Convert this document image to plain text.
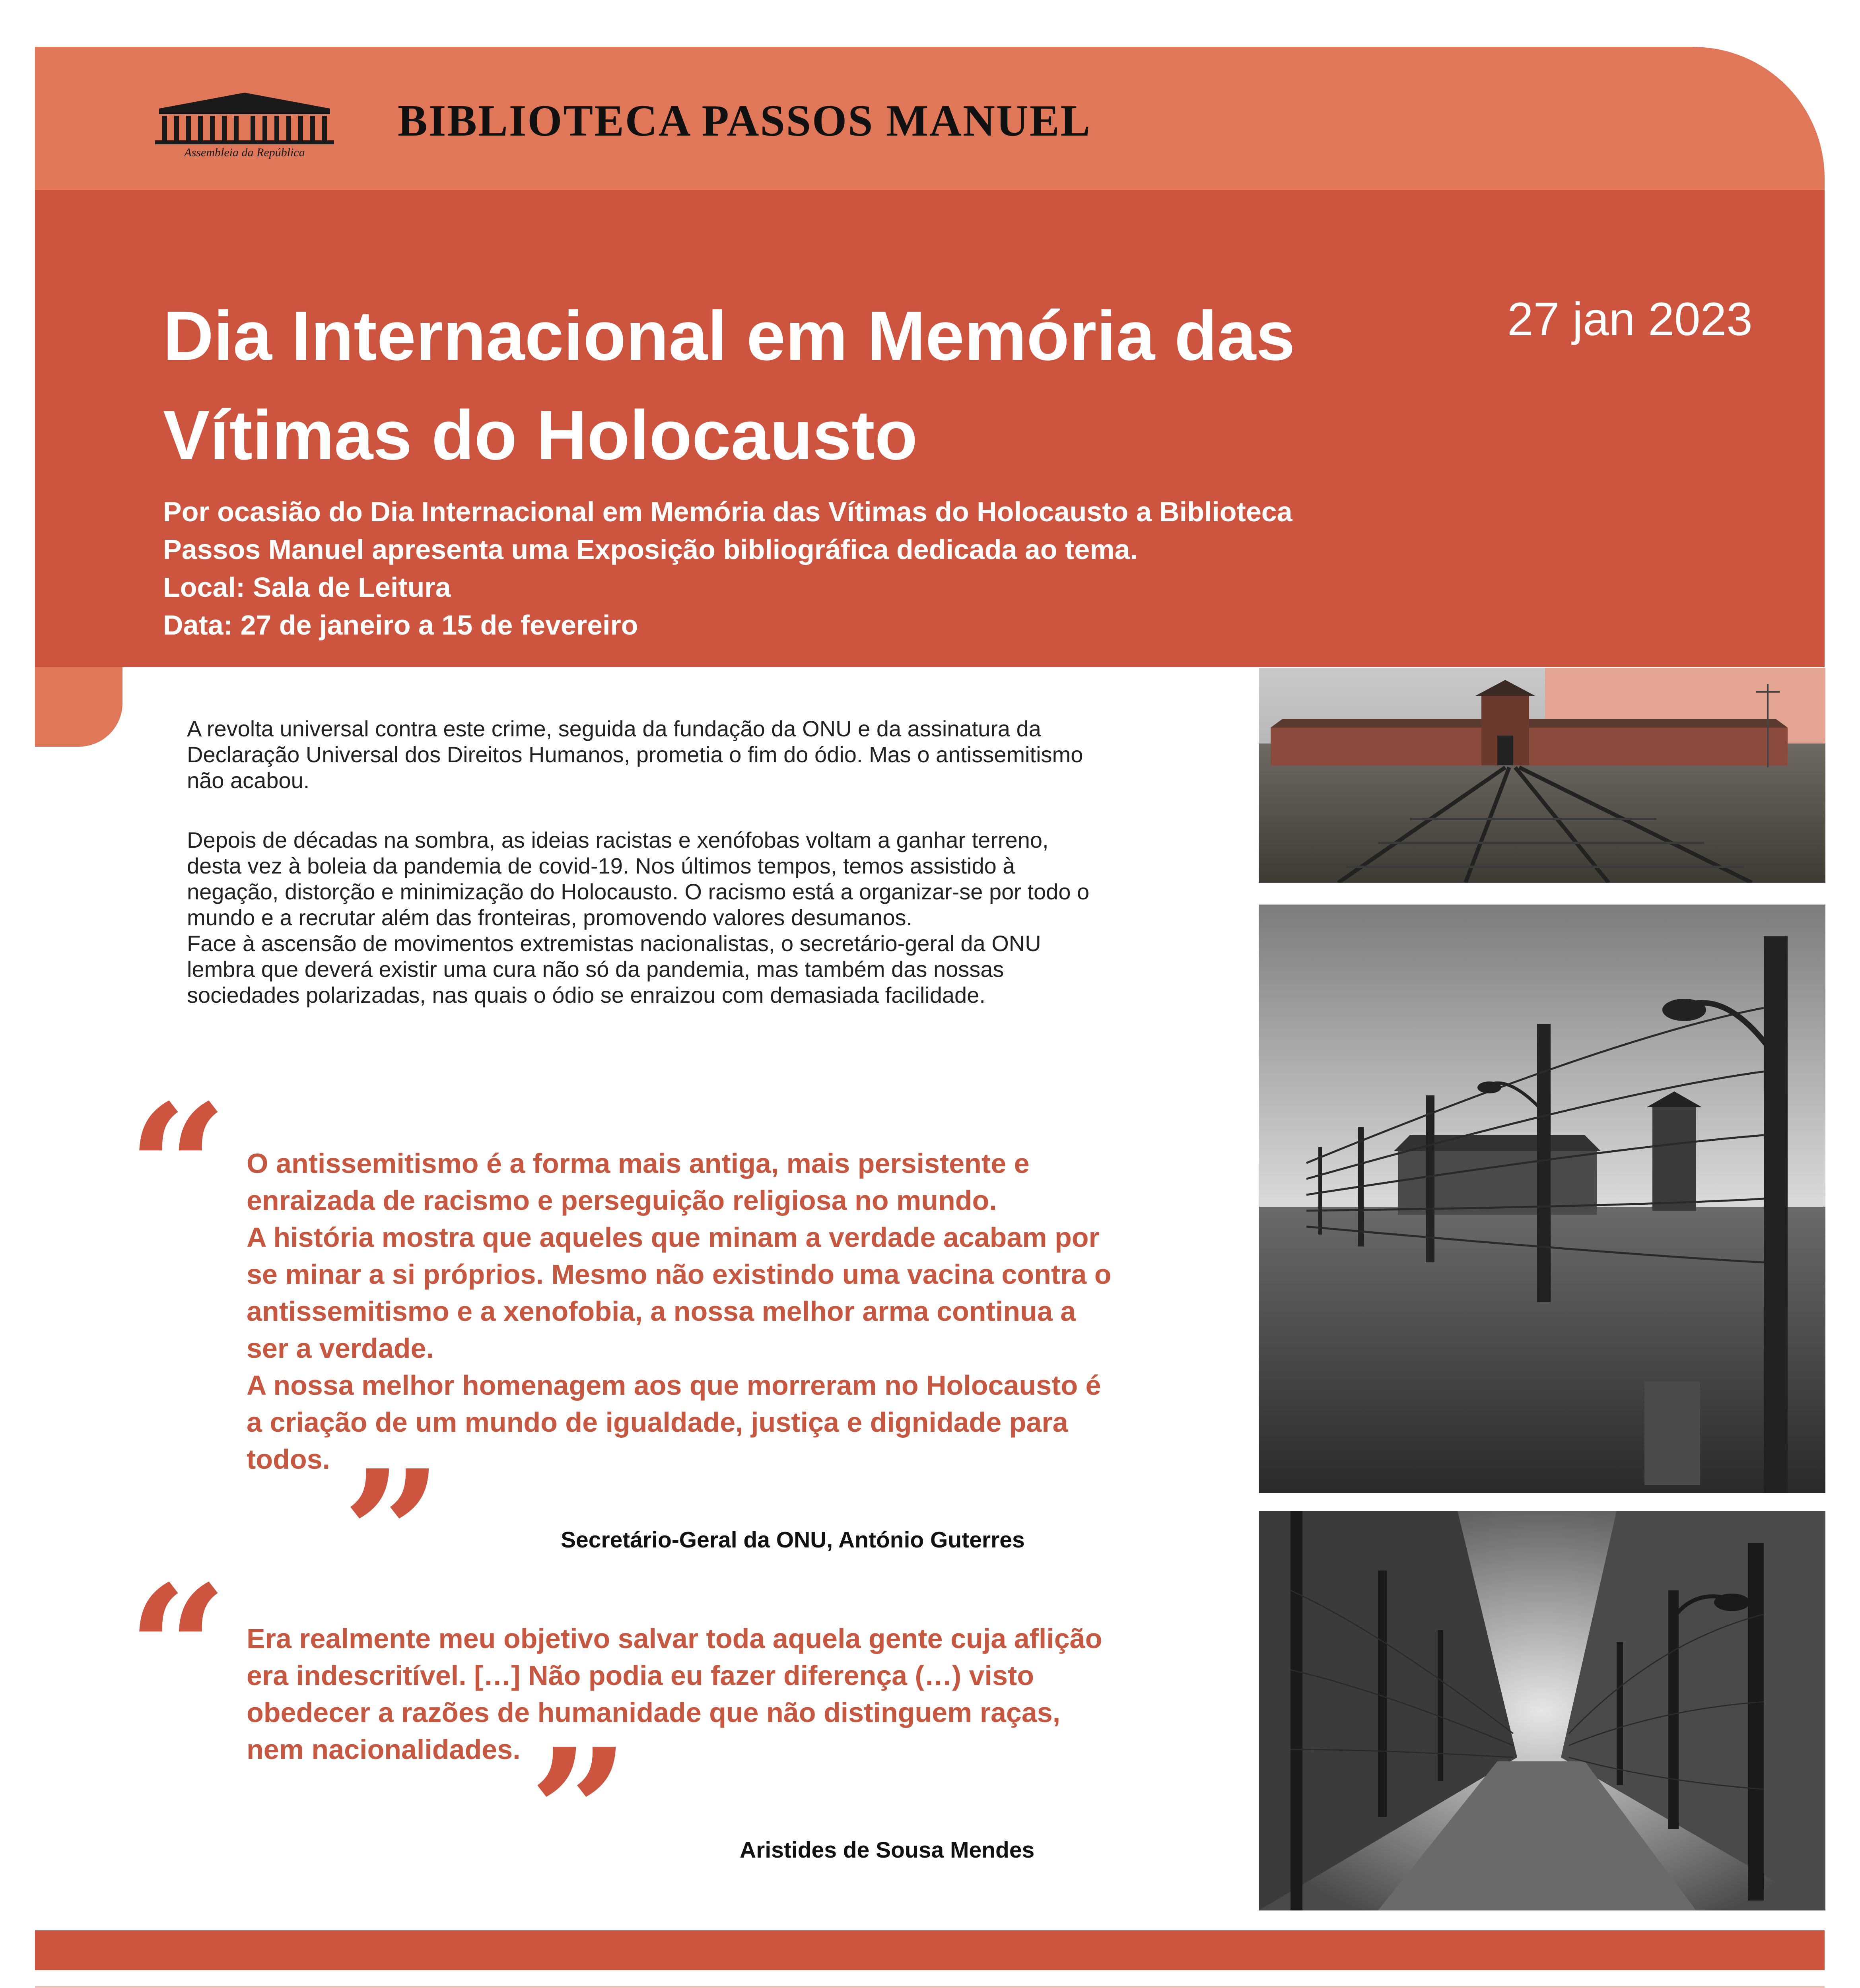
Assembleia da República
BIBLIOTECA PASSOS MANUEL
Dia Internacional em Memória das
Vítimas do Holocausto
27 jan 2023
Por ocasião do Dia Internacional em Memória das Vítimas do Holocausto a Biblioteca
Passos Manuel apresenta uma Exposição bibliográfica dedicada ao tema.
Local: Sala de Leitura
Data: 27 de janeiro a 15 de fevereiro
A revolta universal contra este crime, seguida da fundação da ONU e da assinatura da
Declaração Universal dos Direitos Humanos, prometia o fim do ódio. Mas o antissemitismo
não acabou.
Depois de décadas na sombra, as ideias racistas e xenófobas voltam a ganhar terreno,
desta vez à boleia da pandemia de covid-19. Nos últimos tempos, temos assistido à
negação, distorção e minimização do Holocausto. O racismo está a organizar-se por todo o
mundo e a recrutar além das fronteiras, promovendo valores desumanos.
Face à ascensão de movimentos extremistas nacionalistas, o secretário-geral da ONU
lembra que deverá existir uma cura não só da pandemia, mas também das nossas
sociedades polarizadas, nas quais o ódio se enraizou com demasiada facilidade.
“ O antissemitismo é a forma mais antiga, mais persistente e
enraizada de racismo e perseguição religiosa no mundo.
A história mostra que aqueles que minam a verdade acabam por
se minar a si próprios. Mesmo não existindo uma vacina contra o
antissemitismo e a xenofobia, a nossa melhor arma continua a
ser a verdade.
A nossa melhor homenagem aos que morreram no Holocausto é
a criação de um mundo de igualdade, justiça e dignidade para
todos. ”	Secretário-Geral da ONU, António Guterres
“ Era realmente meu objetivo salvar toda aquela gente cuja aflição
era indescritível. […] Não podia eu fazer diferença (…) visto
obedecer a razões de humanidade que não distinguem raças,
nem nacionalidades. ”	Aristides de Sousa Mendes
